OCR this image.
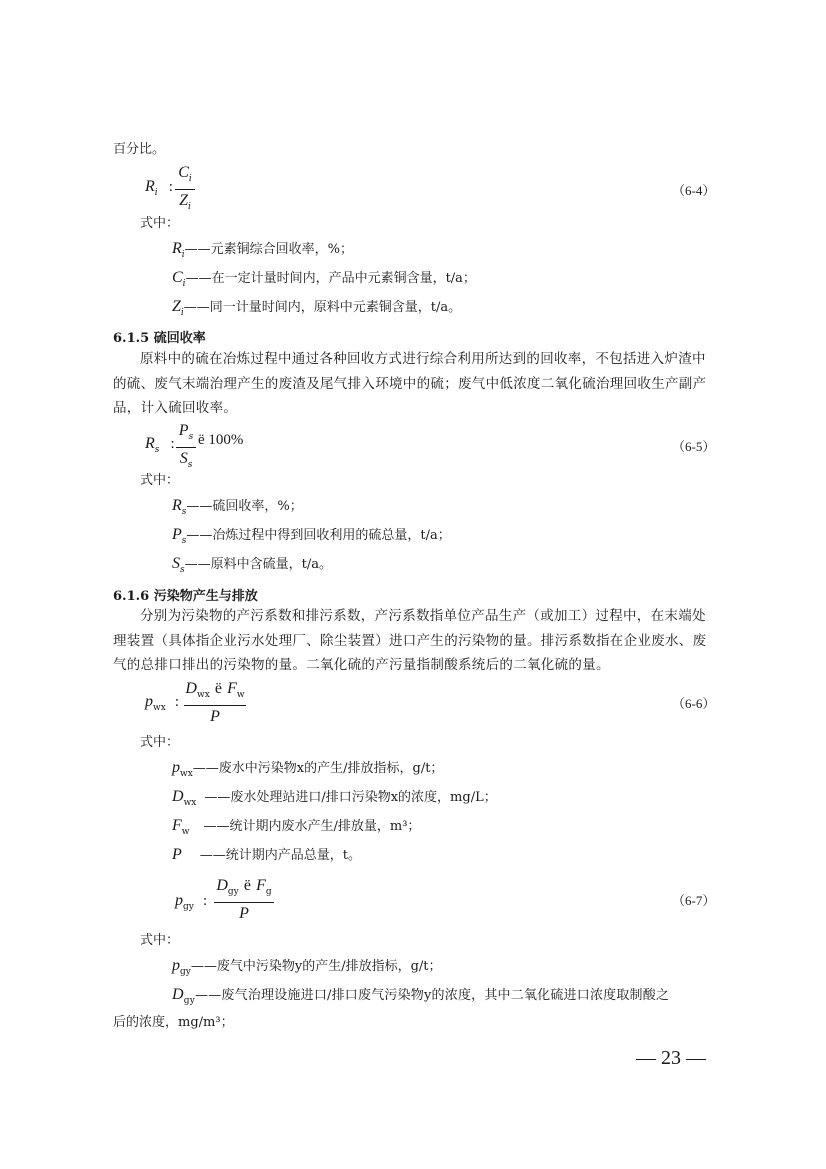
百分比。
$R_i$ :
$C_i$
$Z_i$
（6-4）
式中：
$R_i——$元素铜综合回收率，%；
$C_i——$在一定计量时间内，产品中元素铜含量，t/a；
$Z_i——$同一计量时间内，原料中元素铜含量，t/a。
6.1.5 硫回收率
原料中的硫在冶炼过程中通过各种回收方式进行综合利用所达到的回收率，不包括进入炉渣中的硫、废气末端治理产生的废渣及尾气排入环境中的硫；废气中低浓度二氧化硫治理回收生产副产品，计入硫回收率。
$R_s$ :
$P_s$
$S_s$
ë 100%	（6-5）
式中：
$R_s——$硫回收率，%；
$P_s——$冶炼过程中得到回收利用的硫总量，t/a；
$S_s——$原料中含硫量，t/a。
6.1.6 污染物产生与排放
分别为污染物的产污系数和排污系数，产污系数指单位产品生产（或加工）过程中，在末端处理装置（具体指企业污水处理厂、除尘装置）进口产生的污染物的量。排污系数指在企业废水、废气的总排口排出的污染物的量。二氧化硫的产污量指制酸系统后的二氧化硫的量。
$p_{wx}$ :
$D_{wx}$ ë $F_w$
P
（6-6）
式中：
$p_{wx}——$废水中污染物x的产生/排放指标，g/t；
$D_{wx}$ ——废水处理站进口/排口污染物x的浓度，mg/L；
$F_w$ ——统计期内废水产生/排放量，m³；
P ——统计期内产品总量，t。
$p_{gy}$ :
$D_{gy}$ ë $F_g$
P
（6-7）
式中：
$p_{gy}——$废气中污染物y的产生/排放指标，g/t；
$D_{gy}——$废气治理设施进口/排口废气污染物y的浓度，其中二氧化硫进口浓度取制酸之
后的浓度，mg/m³；
— 23 —
